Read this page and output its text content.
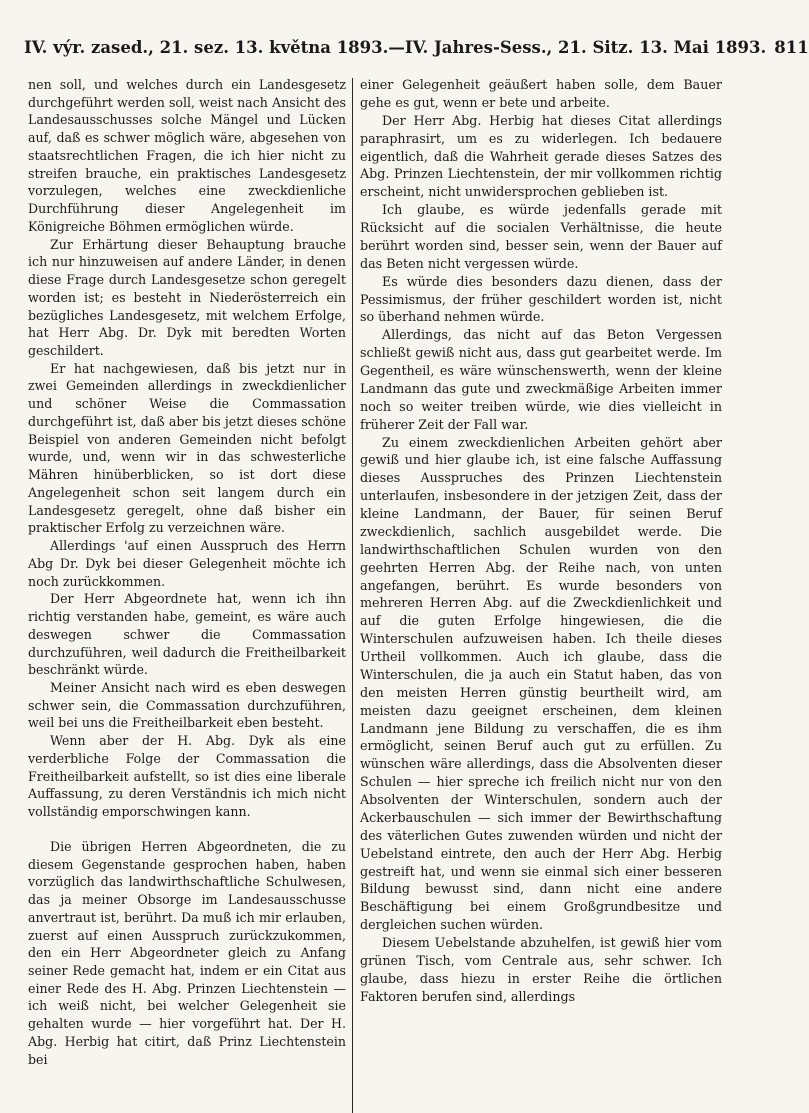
IV. výr. zased., 21. sez. 13. května 1893. — IV. Jahres-Sess., 21. Sitz. 13. Mai 1893. 811

nen soll, und welches durch ein Landesgesetz durchgeführt werden soll, weist nach Ansicht des Landesausschusses solche Mängel und Lücken auf, daß es schwer möglich wäre, abgesehen von staatsrechtlichen Fragen, die ich hier nicht zu streifen brauche, ein praktisches Landesgesetz vorzulegen, welches eine zweckdienliche Durchführung dieser Angelegenheit im Königreiche Böhmen ermöglichen würde.

Zur Erhärtung dieser Behauptung brauche ich nur hinzuweisen auf andere Länder, in denen diese Frage durch Landesgesetze schon geregelt worden ist; es besteht in Niederösterreich ein bezügliches Landesgesetz, mit welchem Erfolge, hat Herr Abg. Dr. Dyk mit beredten Worten geschildert.

Er hat nachgewiesen, daß bis jetzt nur in zwei Gemeinden allerdings in zweckdienlicher und schöner Weise die Commassation durchgeführt ist, daß aber bis jetzt dieses schöne Beispiel von anderen Gemeinden nicht befolgt wurde, und, wenn wir in das schwesterliche Mähren hinüberblicken, so ist dort diese Angelegenheit schon seit langem durch ein Landesgesetz geregelt, ohne daß bisher ein praktischer Erfolg zu verzeichnen wäre.

Allerdings 'auf einen Ausspruch des Herrn Abg Dr. Dyk bei dieser Gelegenheit möchte ich noch zurückkommen.

Der Herr Abgeordnete hat, wenn ich ihn richtig verstanden habe, gemeint, es wäre auch deswegen schwer die Commassation durchzuführen, weil dadurch die Freitheilbarkeit beschränkt würde.

Meiner Ansicht nach wird es eben deswegen schwer sein, die Commassation durchzuführen, weil bei uns die Freitheilbarkeit eben besteht.

Wenn aber der H. Abg. Dyk als eine verderbliche Folge der Commassation die Freitheilbarkeit aufstellt, so ist dies eine liberale Auffassung, zu deren Verständnis ich mich nicht vollständig emporschwingen kann.

Die übrigen Herren Abgeordneten, die zu diesem Gegenstande gesprochen haben, haben vorzüglich das landwirthschaftliche Schulwesen, das ja meiner Obsorge im Landesausschusse anvertraut ist, berührt. Da muß ich mir erlauben, zuerst auf einen Ausspruch zurückzukommen, den ein Herr Abgeordneter gleich zu Anfang seiner Rede gemacht hat, indem er ein Citat aus einer Rede des H. Abg. Prinzen Liechtenstein — ich weiß nicht, bei welcher Gelegenheit sie gehalten wurde — hier vorgeführt hat. Der H. Abg. Herbig hat citirt, daß Prinz Liechtenstein bei

einer Gelegenheit geäußert haben solle, dem Bauer gehe es gut, wenn er bete und arbeite.

Der Herr Abg. Herbig hat dieses Citat allerdings paraphrasirt, um es zu widerlegen. Ich bedauere eigentlich, daß die Wahrheit gerade dieses Satzes des Abg. Prinzen Liechtenstein, der mir vollkommen richtig erscheint, nicht unwidersprochen geblieben ist.

Ich glaube, es würde jedenfalls gerade mit Rücksicht auf die socialen Verhältnisse, die heute berührt worden sind, besser sein, wenn der Bauer auf das Beten nicht vergessen würde.

Es würde dies besonders dazu dienen, dass der Pessimismus, der früher geschildert worden ist, nicht so überhand nehmen würde.

Allerdings, das nicht auf das Beton Vergessen schließt gewiß nicht aus, dass gut gearbeitet werde. Im Gegentheil, es wäre wünschenswerth, wenn der kleine Landmann das gute und zweckmäßige Arbeiten immer noch so weiter treiben würde, wie dies vielleicht in früherer Zeit der Fall war.

Zu einem zweckdienlichen Arbeiten gehört aber gewiß und hier glaube ich, ist eine falsche Auffassung dieses Ausspruches des Prinzen Liechtenstein unterlaufen, insbesondere in der jetzigen Zeit, dass der kleine Landmann, der Bauer, für seinen Beruf zweckdienlich, sachlich ausgebildet werde. Die landwirthschaftlichen Schulen wurden von den geehrten Herren Abg. der Reihe nach, von unten angefangen, berührt. Es wurde besonders von mehreren Herren Abg. auf die Zweckdienlichkeit und auf die guten Erfolge hingewiesen, die die Winterschulen aufzuweisen haben. Ich theile dieses Urtheil vollkommen. Auch ich glaube, dass die Winterschulen, die ja auch ein Statut haben, das von den meisten Herren günstig beurtheilt wird, am meisten dazu geeignet erscheinen, dem kleinen Landmann jene Bildung zu verschaffen, die es ihm ermöglicht, seinen Beruf auch gut zu erfüllen. Zu wünschen wäre allerdings, dass die Absolventen dieser Schulen — hier spreche ich freilich nicht nur von den Absolventen der Winterschulen, sondern auch der Ackerbauschulen — sich immer der Bewirthschaftung des väterlichen Gutes zuwenden würden und nicht der Uebelstand eintrete, den auch der Herr Abg. Herbig gestreift hat, und wenn sie einmal sich einer besseren Bildung bewusst sind, dann nicht eine andere Beschäftigung bei einem Großgrundbesitze und dergleichen suchen würden.

Diesem Uebelstande abzuhelfen, ist gewiß hier vom grünen Tisch, vom Centrale aus, sehr schwer. Ich glaube, dass hiezu in erster Reihe die örtlichen Faktoren berufen sind, allerdings
